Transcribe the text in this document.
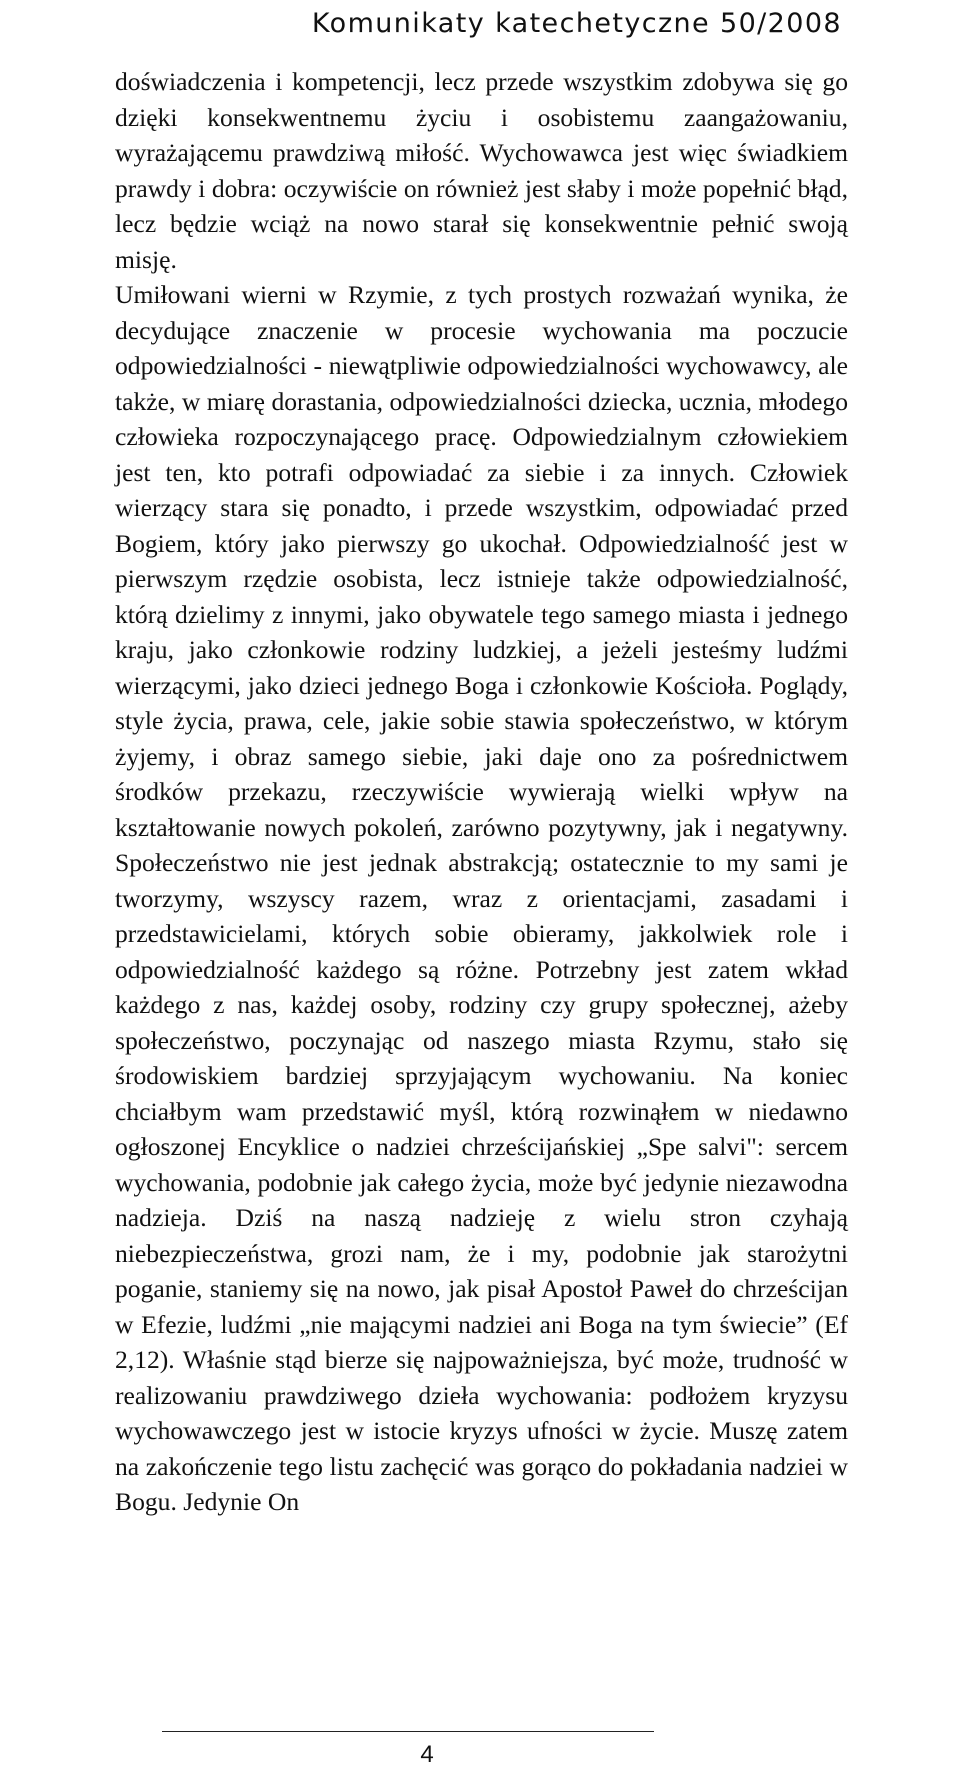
Komunikaty katechetyczne 50/2008

doświadczenia i kompetencji, lecz przede wszystkim zdobywa się go dzięki konsekwentnemu życiu i osobistemu zaangażowaniu, wyrażającemu prawdziwą miłość. Wychowawca jest więc świadkiem prawdy i dobra: oczywiście on również jest słaby i może popełnić błąd, lecz będzie wciąż na nowo starał się konsekwentnie pełnić swoją misję.

Umiłowani wierni w Rzymie, z tych prostych rozważań wynika, że decydujące znaczenie w procesie wychowania ma poczucie odpowiedzialności - niewątpliwie odpowiedzialności wychowawcy, ale także, w miarę dorastania, odpowiedzialności dziecka, ucznia, młodego człowieka rozpoczynającego pracę. Odpowiedzialnym człowiekiem jest ten, kto potrafi odpowiadać za siebie i za innych. Człowiek wierzący stara się ponadto, i przede wszystkim, odpowiadać przed Bogiem, który jako pierwszy go ukochał. Odpowiedzialność jest w pierwszym rzędzie osobista, lecz istnieje także odpowiedzialność, którą dzielimy z innymi, jako obywatele tego samego miasta i jednego kraju, jako członkowie rodziny ludzkiej, a jeżeli jesteśmy ludźmi wierzącymi, jako dzieci jednego Boga i członkowie Kościoła. Poglądy, style życia, prawa, cele, jakie sobie stawia społeczeństwo, w którym żyjemy, i obraz samego siebie, jaki daje ono za pośrednictwem środków przekazu, rzeczywiście wywierają wielki wpływ na kształtowanie nowych pokoleń, zarówno pozytywny, jak i negatywny. Społeczeństwo nie jest jednak abstrakcją; ostatecznie to my sami je tworzymy, wszyscy razem, wraz z orientacjami, zasadami i przedstawicielami, których sobie obieramy, jakkolwiek role i odpowiedzialność każdego są różne. Potrzebny jest zatem wkład każdego z nas, każdej osoby, rodziny czy grupy społecznej, ażeby społeczeństwo, poczynając od naszego miasta Rzymu, stało się środowiskiem bardziej sprzyjającym wychowaniu. Na koniec chciałbym wam przedstawić myśl, którą rozwinąłem w niedawno ogłoszonej Encyklice o nadziei chrześcijańskiej „Spe salvi": sercem wychowania, podobnie jak całego życia, może być jedynie niezawodna nadzieja. Dziś na naszą nadzieję z wielu stron czyhają niebezpieczeństwa, grozi nam, że i my, podobnie jak starożytni poganie, staniemy się na nowo, jak pisał Apostoł Paweł do chrześcijan w Efezie, ludźmi „nie mającymi nadziei ani Boga na tym świecie” (Ef 2,12). Właśnie stąd bierze się najpoważniejsza, być może, trudność w realizowaniu prawdziwego dzieła wychowania: podłożem kryzysu wychowawczego jest w istocie kryzys ufności w życie. Muszę zatem na zakończenie tego listu zachęcić was gorąco do pokładania nadziei w Bogu. Jedynie On

4
